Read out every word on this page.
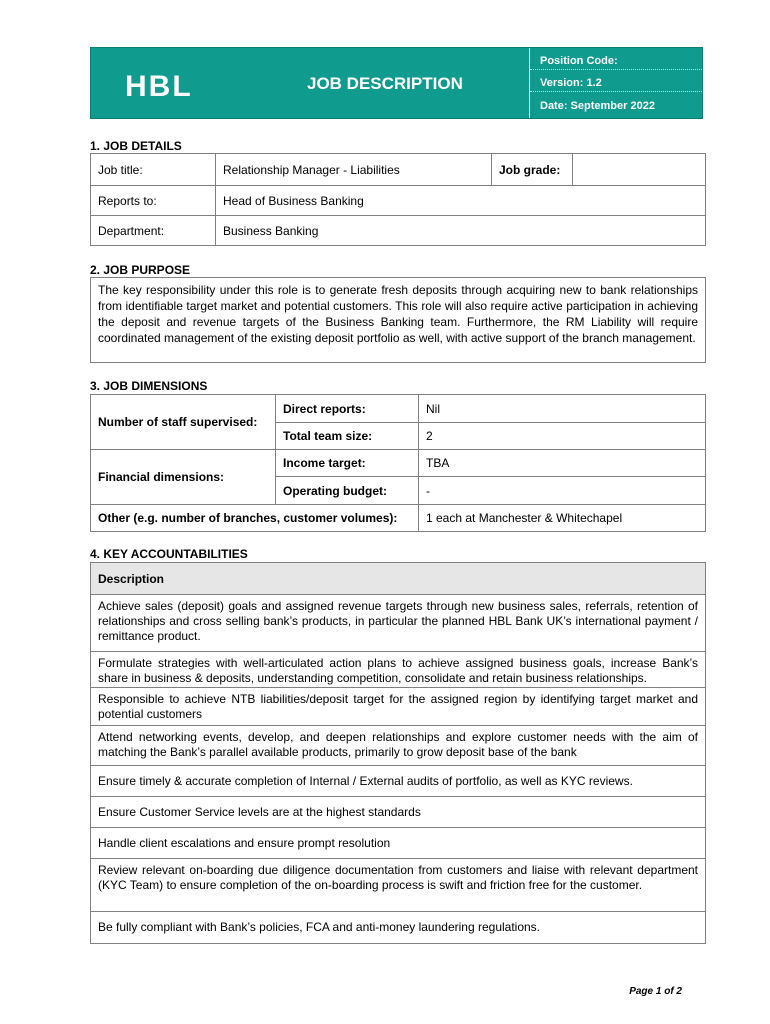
HBL	JOB DESCRIPTION
Position Code:
Version: 1.2
Date: September 2022
1. JOB DETAILS
Job title:	Relationship Manager - Liabilities	Job grade:
Reports to:	Head of Business Banking
Department:	Business Banking
2. JOB PURPOSE
The key responsibility under this role is to generate fresh deposits through acquiring new to bank relationships from identifiable target market and potential customers. This role will also require active participation in achieving the deposit and revenue targets of the Business Banking team. Furthermore, the RM Liability will require coordinated management of the existing deposit portfolio as well, with active support of the branch management.
3. JOB DIMENSIONS
Number of staff supervised:
Direct reports:	Nil
Total team size:	2
Financial dimensions:
Income target:	TBA
Operating budget:	-
Other (e.g. number of branches, customer volumes): 1 each at Manchester & Whitechapel
4. KEY ACCOUNTABILITIES
Description
Achieve sales (deposit) goals and assigned revenue targets through new business sales, referrals, retention of relationships and cross selling bank’s products, in particular the planned HBL Bank UK’s international payment / remittance product.
Formulate strategies with well-articulated action plans to achieve assigned business goals, increase Bank’s share in business & deposits, understanding competition, consolidate and retain business relationships.
Responsible to achieve NTB liabilities/deposit target for the assigned region by identifying target market and potential customers
Attend networking events, develop, and deepen relationships and explore customer needs with the aim of matching the Bank’s parallel available products, primarily to grow deposit base of the bank
Ensure timely & accurate completion of Internal / External audits of portfolio, as well as KYC reviews.
Ensure Customer Service levels are at the highest standards
Handle client escalations and ensure prompt resolution
Review relevant on-boarding due diligence documentation from customers and liaise with relevant department (KYC Team) to ensure completion of the on-boarding process is swift and friction free for the customer.
Be fully compliant with Bank’s policies, FCA and anti-money laundering regulations.
Page 1 of 2
